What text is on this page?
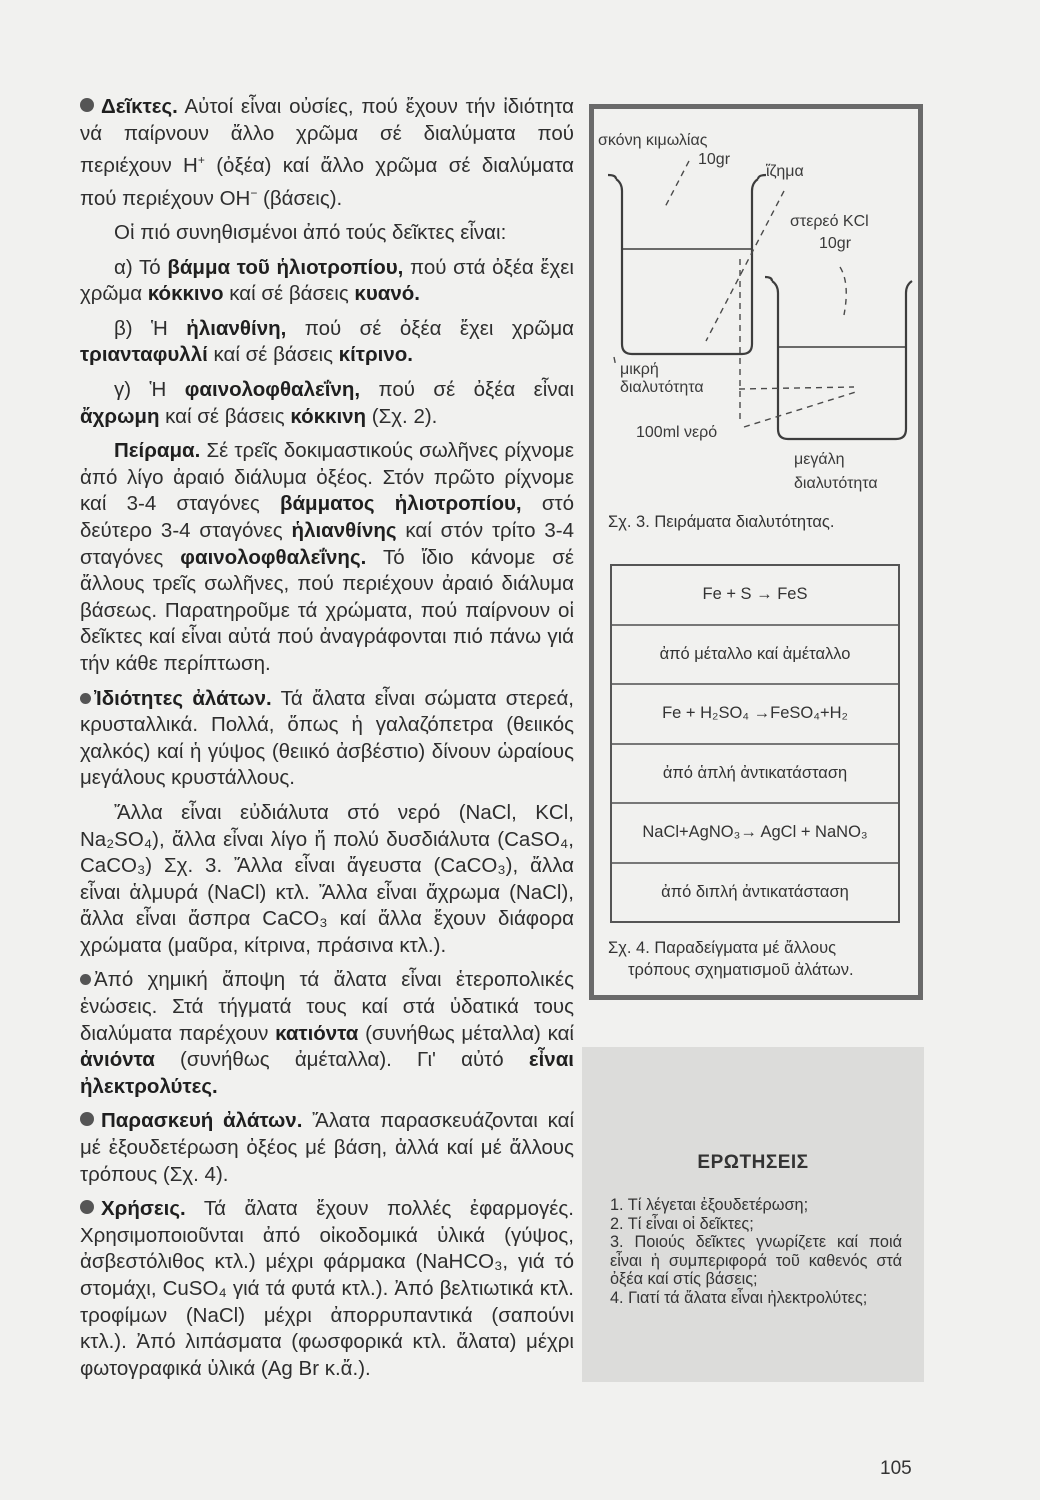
Δεῖκτες. Αὐτοί εἶναι οὐσίες, πού ἔχουν τήν ἰδιότητα νά παίρνουν ἄλλο χρῶμα σέ διαλύματα πού περιέχουν H+ (ὀξέα) καί ἄλλο χρῶμα σέ διαλύματα πού περιέχουν OH− (βάσεις).

Οἱ πιό συνηθισμένοι ἀπό τούς δεῖκτες εἶναι:

α) Τό βάμμα τοῦ ἡλιοτροπίου, πού στά ὀξέα ἔχει χρῶμα κόκκινο καί σέ βάσεις κυανό.

β) Ἡ ἡλιανθίνη, πού σέ ὀξέα ἔχει χρῶμα τριανταφυλλί καί σέ βάσεις κίτρινο.

γ) Ἡ φαινολοφθαλεΐνη, πού σέ ὀξέα εἶναι ἄχρωμη καί σέ βάσεις κόκκινη (Σχ. 2).

Πείραμα. Σέ τρεῖς δοκιμαστικούς σωλῆνες ρίχνομε ἀπό λίγο ἀραιό διάλυμα ὀξέος. Στόν πρῶτο ρίχνομε καί 3-4 σταγόνες βάμματος ἡλιοτροπίου, στό δεύτερο 3-4 σταγόνες ἡλιανθίνης καί στόν τρίτο 3-4 σταγόνες φαινολοφθαλεΐνης. Τό ἴδιο κάνομε σέ ἄλλους τρεῖς σωλῆνες, πού περιέχουν ἀραιό διάλυμα βάσεως. Παρατηροῦμε τά χρώματα, πού παίρνουν οἱ δεῖκτες καί εἶναι αὐτά πού ἀναγράφονται πιό πάνω γιά τήν κάθε περίπτωση.

Ἰδιότητες ἀλάτων. Τά ἄλατα εἶναι σώματα στερεά, κρυσταλλικά. Πολλά, ὅπως ἡ γαλαζόπετρα (θειικός χαλκός) καί ἡ γύψος (θειικό ἀσβέστιο) δίνουν ὡραίους μεγάλους κρυστάλλους.

Ἄλλα εἶναι εὐδιάλυτα στό νερό (NaCl, KCl, Na₂SO₄), ἄλλα εἶναι λίγο ἤ πολύ δυσδιάλυτα (CaSO₄, CaCO₃) Σχ. 3. Ἄλλα εἶναι ἄγευστα (CaCO₃), ἄλλα εἶναι ἁλμυρά (NaCl) κτλ. Ἄλλα εἶναι ἄχρωμα (NaCl), ἄλλα εἶναι ἄσπρα CaCO₃ καί ἄλλα ἔχουν διάφορα χρώματα (μαῦρα, κίτρινα, πράσινα κτλ.).

Ἀπό χημική ἄποψη τά ἄλατα εἶναι ἑτεροπολικές ἑνώσεις. Στά τήγματά τους καί στά ὑδατικά τους διαλύματα παρέχουν κατιόντα (συνήθως μέταλλα) καί ἀνιόντα (συνήθως ἀμέταλλα). Γι' αὐτό εἶναι ἠλεκτρολύτες.

Παρασκευή ἀλάτων. Ἄλατα παρασκευάζονται καί μέ ἐξουδετέρωση ὀξέος μέ βάση, ἀλλά καί μέ ἄλλους τρόπους (Σχ. 4).

Χρήσεις. Τά ἄλατα ἔχουν πολλές ἐφαρμογές. Χρησιμοποιοῦνται ἀπό οἰκοδομικά ὑλικά (γύψος, ἀσβεστόλιθος κτλ.) μέχρι φάρμακα (NaHCO₃, γιά τό στομάχι, CuSO₄ γιά τά φυτά κτλ.). Ἀπό βελτιωτικά κτλ. τροφίμων (NaCl) μέχρι ἀπορρυπαντικά (σαπούνι κτλ.). Ἀπό λιπάσματα (φωσφορικά κτλ. ἄλατα) μέχρι φωτογραφικά ὑλικά (Ag Br κ.ἄ.).

σκόνη κιμωλίας
10gr
ἵζημα
στερεό KCl
10gr
μικρή
διαλυτότητα
100ml νερό
μεγάλη
διαλυτότητα
Σχ. 3. Πειράματα διαλυτότητας.
Fe + S → FeS
ἀπό μέταλλο καί ἀμέταλλο
Fe + H₂SO₄ →FeSO₄+H₂
ἀπό ἁπλή ἀντικατάσταση
NaCl+AgNO₃→ AgCl + NaNO₃
ἀπό διπλή ἀντικατάσταση
Σχ. 4. Παραδείγματα μέ ἄλλους
τρόπους σχηματισμοῦ ἀλάτων.
ΕΡΩΤΗΣΕΙΣ
1. Τί λέγεται ἐξουδετέρωση;
2. Τί εἶναι οἱ δεῖκτες;
3. Ποιούς δεῖκτες γνωρίζετε καί ποιά εἶναι ἡ συμπεριφορά τοῦ καθενός στά ὀξέα καί στίς βάσεις;
4. Γιατί τά ἄλατα εἶναι ἠλεκτρολύτες;
105
